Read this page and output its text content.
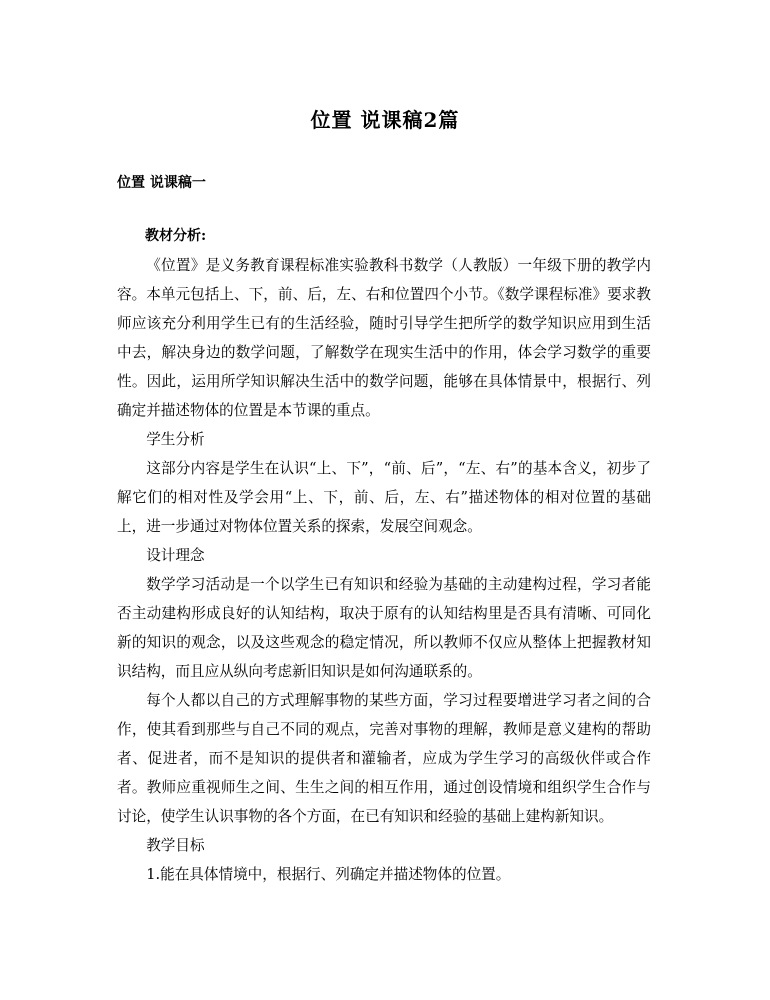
位置 说课稿2篇
位置 说课稿一

教材分析:

《位置》是义务教育课程标准实验教科书数学（人教版）一年级下册的教学内容。本单元包括上、下，前、后，左、右和位置四个小节。《数学课程标准》要求教师应该充分利用学生已有的生活经验，随时引导学生把所学的数学知识应用到生活中去，解决身边的数学问题，了解数学在现实生活中的作用，体会学习数学的重要性。因此，运用所学知识解决生活中的数学问题，能够在具体情景中，根据行、列确定并描述物体的位置是本节课的重点。

学生分析

这部分内容是学生在认识“上、下”，“前、后”，“左、右”的基本含义，初步了解它们的相对性及学会用“上、下，前、后，左、右”描述物体的相对位置的基础上，进一步通过对物体位置关系的探索，发展空间观念。

设计理念

数学学习活动是一个以学生已有知识和经验为基础的主动建构过程，学习者能否主动建构形成良好的认知结构，取决于原有的认知结构里是否具有清晰、可同化新的知识的观念，以及这些观念的稳定情况，所以教师不仅应从整体上把握教材知识结构，而且应从纵向考虑新旧知识是如何沟通联系的。

每个人都以自己的方式理解事物的某些方面，学习过程要增进学习者之间的合作，使其看到那些与自己不同的观点，完善对事物的理解，教师是意义建构的帮助者、促进者，而不是知识的提供者和灌输者，应成为学生学习的高级伙伴或合作者。教师应重视师生之间、生生之间的相互作用，通过创设情境和组织学生合作与讨论，使学生认识事物的各个方面，在已有知识和经验的基础上建构新知识。

教学目标

1.能在具体情境中，根据行、列确定并描述物体的位置。
